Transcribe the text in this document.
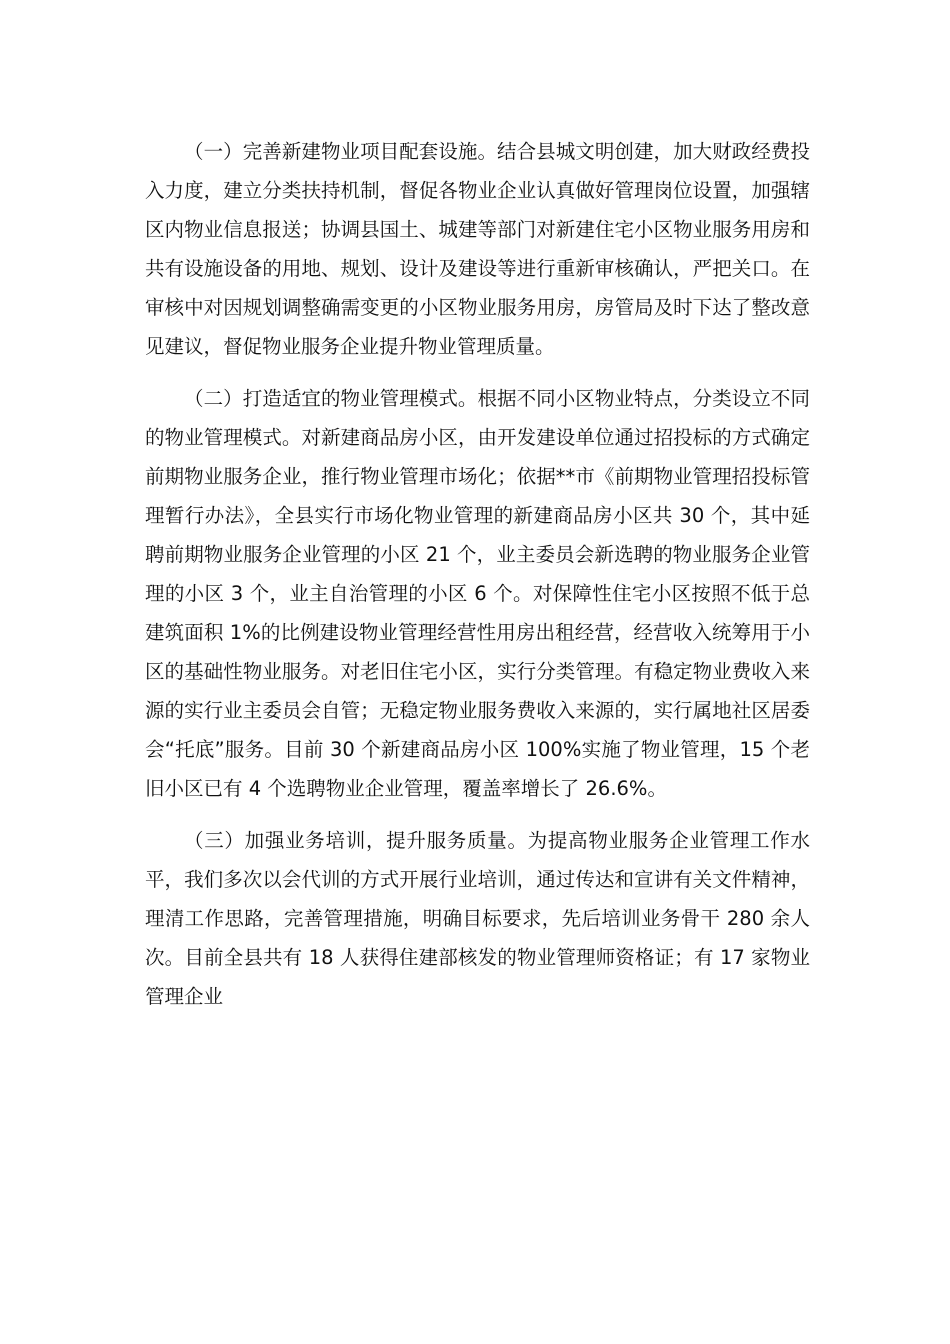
（一）完善新建物业项目配套设施。结合县城文明创建，加大财政经费投入力度，建立分类扶持机制，督促各物业企业认真做好管理岗位设置，加强辖区内物业信息报送；协调县国土、城建等部门对新建住宅小区物业服务用房和共有设施设备的用地、规划、设计及建设等进行重新审核确认，严把关口。在审核中对因规划调整确需变更的小区物业服务用房，房管局及时下达了整改意见建议，督促物业服务企业提升物业管理质量。

（二）打造适宜的物业管理模式。根据不同小区物业特点，分类设立不同的物业管理模式。对新建商品房小区，由开发建设单位通过招投标的方式确定前期物业服务企业，推行物业管理市场化；依据**市《前期物业管理招投标管理暂行办法》，全县实行市场化物业管理的新建商品房小区共 30 个，其中延聘前期物业服务企业管理的小区 21 个，业主委员会新选聘的物业服务企业管理的小区 3 个，业主自治管理的小区 6 个。对保障性住宅小区按照不低于总建筑面积 1%的比例建设物业管理经营性用房出租经营，经营收入统筹用于小区的基础性物业服务。对老旧住宅小区，实行分类管理。有稳定物业费收入来源的实行业主委员会自管；无稳定物业服务费收入来源的，实行属地社区居委会“托底”服务。目前 30 个新建商品房小区 100%实施了物业管理，15 个老旧小区已有 4 个选聘物业企业管理，覆盖率增长了 26.6%。

（三）加强业务培训，提升服务质量。为提高物业服务企业管理工作水平，我们多次以会代训的方式开展行业培训，通过传达和宣讲有关文件精神，理清工作思路，完善管理措施，明确目标要求，先后培训业务骨干 280 余人次。目前全县共有 18 人获得住建部核发的物业管理师资格证；有 17 家物业管理企业
